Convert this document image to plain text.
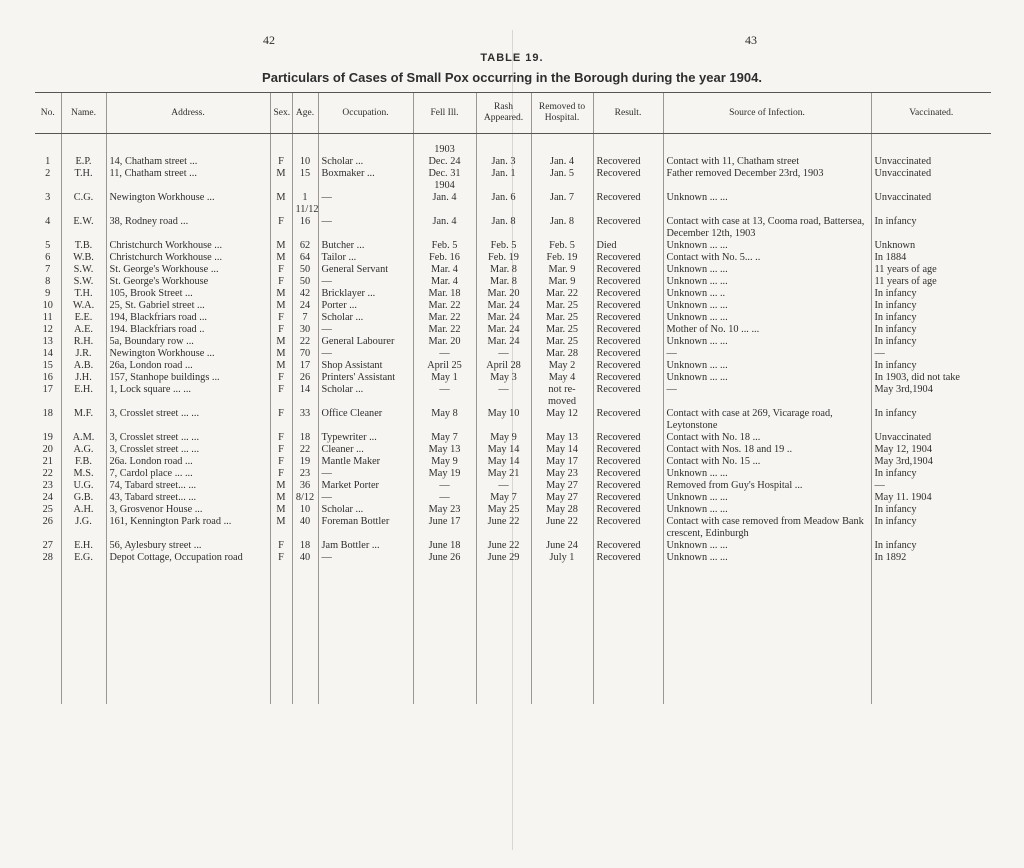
42	43
TABLE 19.
Particulars of Cases of Small Pox occurring in the Borough during the year 1904.
No.	Name.	Address.	Sex.	Age.	Occupation.	Fell Ill.	Rash Appeared.	Removed to Hospital.	Result.	Source of Infection.	Vaccinated.

						1903					
1	E.P.	14, Chatham street ...	F	10	Scholar ...	Dec. 24	Jan. 3	Jan. 4	Recovered	Contact with 11, Chatham street	Unvaccinated
2	T.H.	11, Chatham street ...	M	15	Boxmaker ...	Dec. 31	Jan. 1	Jan. 5	Recovered	Father removed December 23rd, 1903	Unvaccinated
						1904					
3	C.G.	Newington Workhouse ...	M	1 11/12	—	Jan. 4	Jan. 6	Jan. 7	Recovered	Unknown ... ...	Unvaccinated
4	E.W.	38, Rodney road ...	F	16	—	Jan. 4	Jan. 8	Jan. 8	Recovered	Contact with case at 13, Cooma road, Battersea, December 12th, 1903	In infancy
5	T.B.	Christchurch Workhouse ...	M	62	Butcher ...	Feb. 5	Feb. 5	Feb. 5	Died	Unknown ... ...	Unknown
6	W.B.	Christchurch Workhouse ...	M	64	Tailor ...	Feb. 16	Feb. 19	Feb. 19	Recovered	Contact with No. 5... ..	In 1884
7	S.W.	St. George's Workhouse ...	F	50	General Servant	Mar. 4	Mar. 8	Mar. 9	Recovered	Unknown ... ...	11 years of age
8	S.W.	St. George's Workhouse	F	50	—	Mar. 4	Mar. 8	Mar. 9	Recovered	Unknown ... ...	11 years of age
9	T.H.	105, Brook Street ...	M	42	Bricklayer ...	Mar. 18	Mar. 20	Mar. 22	Recovered	Unknown ... ..	In infancy
10	W.A.	25, St. Gabriel street ...	M	24	Porter ...	Mar. 22	Mar. 24	Mar. 25	Recovered	Unknown ... ...	In infancy
11	E.E.	194, Blackfriars road ...	F	7	Scholar ...	Mar. 22	Mar. 24	Mar. 25	Recovered	Unknown ... ...	In infancy
12	A.E.	194. Blackfriars road ..	F	30	—	Mar. 22	Mar. 24	Mar. 25	Recovered	Mother of No. 10 ... ...	In infancy
13	R.H.	5a, Boundary row ...	M	22	General Labourer	Mar. 20	Mar. 24	Mar. 25	Recovered	Unknown ... ...	In infancy
14	J.R.	Newington Workhouse ...	M	70	—	—	—	Mar. 28	Recovered	—	—
15	A.B.	26a, London road ...	M	17	Shop Assistant	April 25	April 28	May 2	Recovered	Unknown ... ...	In infancy
16	J.H.	157, Stanhope buildings ...	F	26	Printers' Assistant	May 1	May 3	May 4	Recovered	Unknown ... ...	In 1903, did not take
17	E.H.	1, Lock square ... ...	F	14	Scholar ...	—	—	not re-moved	Recovered	—	May 3rd,1904
18	M.F.	3, Crosslet street ... ...	F	33	Office Cleaner	May 8	May 10	May 12	Recovered	Contact with case at 269, Vicarage road, Leytonstone	In infancy
19	A.M.	3, Crosslet street ... ...	F	18	Typewriter ...	May 7	May 9	May 13	Recovered	Contact with No. 18 ...	Unvaccinated
20	A.G.	3, Crosslet street ... ...	F	22	Cleaner ...	May 13	May 14	May 14	Recovered	Contact with Nos. 18 and 19 ..	May 12, 1904
21	F.B.	26a. London road ...	F	19	Mantle Maker	May 9	May 14	May 17	Recovered	Contact with No. 15 ...	May 3rd,1904
22	M.S.	7, Cardol place ... ...	F	23	—	May 19	May 21	May 23	Recovered	Unknown ... ...	In infancy
23	U.G.	74, Tabard street... ...	M	36	Market Porter	—	—	May 27	Recovered	Removed from Guy's Hospital ...	—
24	G.B.	43, Tabard street... ...	M	8/12	—	—	May 7	May 27	Recovered	Unknown ... ...	May 11. 1904
25	A.H.	3, Grosvenor House ...	M	10	Scholar ...	May 23	May 25	May 28	Recovered	Unknown ... ...	In infancy
26	J.G.	161, Kennington Park road ...	M	40	Foreman Bottler	June 17	June 22	June 22	Recovered	Contact with case removed from Meadow Bank crescent, Edinburgh	In infancy
27	E.H.	56, Aylesbury street ...	F	18	Jam Bottler ...	June 18	June 22	June 24	Recovered	Unknown ... ...	In infancy
28	E.G.	Depot Cottage, Occupation road	F	40	—	June 26	June 29	July 1	Recovered	Unknown ... ...	In 1892
